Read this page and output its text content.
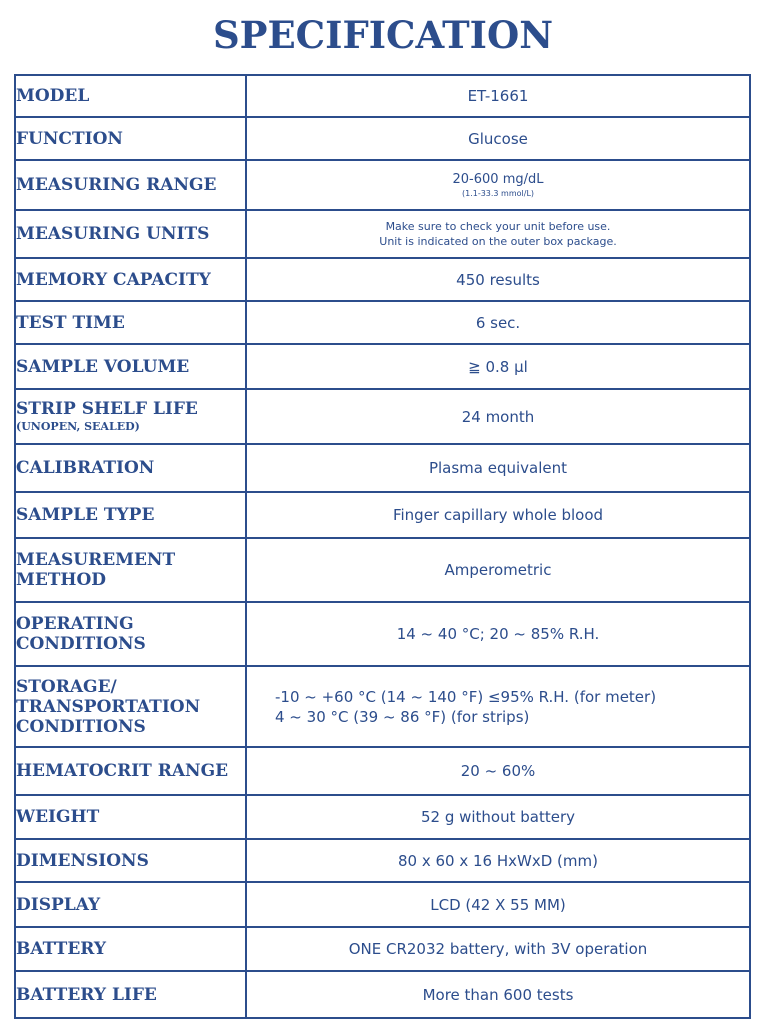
SPECIFICATION
MODEL	ET-1661
FUNCTION	Glucose
MEASURING RANGE	20-600 mg/dL
(1.1-33.3 mmol/L)

MEASURING UNITS	Make sure to check your unit before use.
Unit is indicated on the outer box package.

MEMORY CAPACITY	450 results
TEST TIME	6 sec.
SAMPLE VOLUME	≧ 0.8 μl
STRIP SHELF LIFE
(UNOPEN, SEALED)	24 month
CALIBRATION	Plasma equivalent
SAMPLE TYPE	Finger capillary whole blood

MEASUREMENT
METHOD	Amperometric

OPERATING
CONDITIONS	14 ~ 40 °C; 20 ~ 85% R.H.

STORAGE/
TRANSPORTATION
CONDITIONS	-10 ~ +60 °C (14 ~ 140 °F) ≤95% R.H. (for meter)
4 ~ 30 °C (39 ~ 86 °F) (for strips)

HEMATOCRIT RANGE	20 ~ 60%
WEIGHT	52 g without battery
DIMENSIONS	80 x 60 x 16 HxWxD (mm)
DISPLAY	LCD (42 X 55 MM)
BATTERY	ONE CR2032 battery, with 3V operation
BATTERY LIFE	More than 600 tests
